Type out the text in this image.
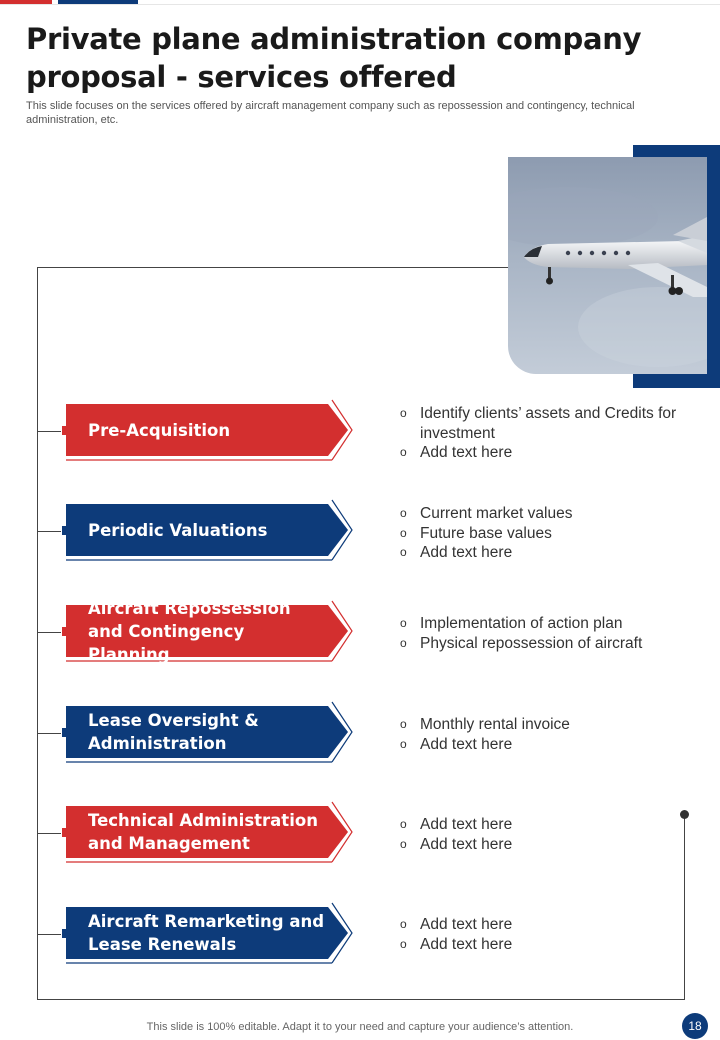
Private plane administration company proposal - services offered

This slide focuses on the services offered by aircraft management company such as repossession and contingency, technical administration, etc.

Pre-Acquisition
o Identify clients’ assets and Credits for investment
o Add text here
Periodic Valuations
o Current market values
o Future base values
o Add text here
Aircraft Repossession and Contingency Planning
o Implementation of action plan
o Physical repossession of aircraft
Lease Oversight & Administration
o Monthly rental invoice
o Add text here
Technical Administration and Management
o Add text here
o Add text here
Aircraft Remarketing and Lease Renewals
o Add text here
o Add text here

This slide is 100% editable. Adapt it to your need and capture your audience’s attention.	18
